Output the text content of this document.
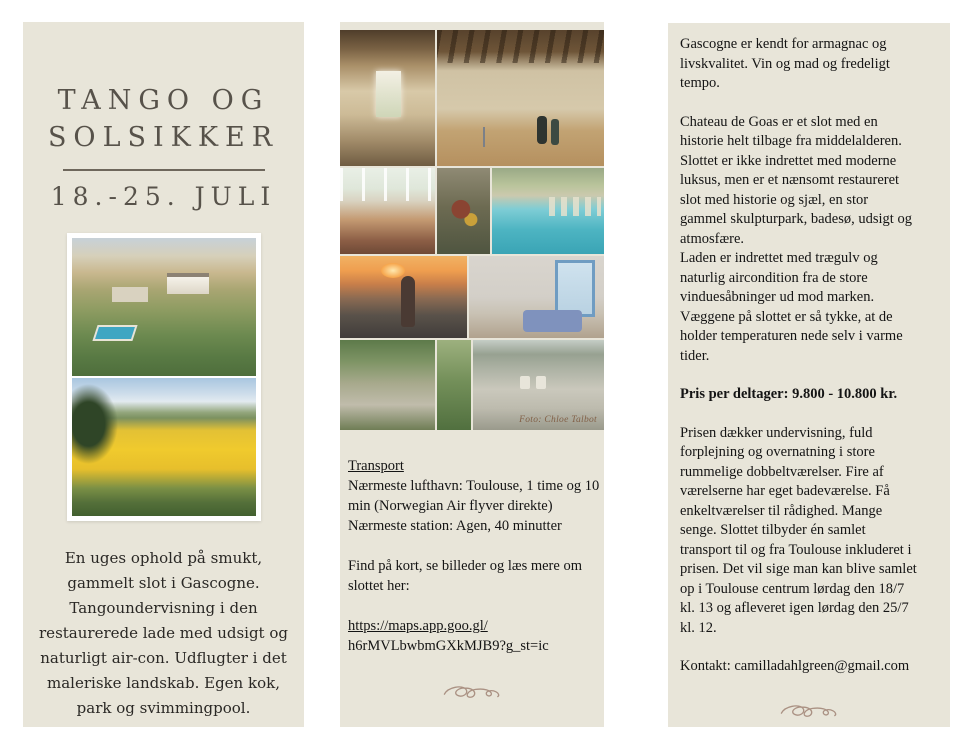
TANGO OG
SOLSIKKER
18.-25. JULI
En uges ophold på smukt,
gammelt slot i Gascogne.
Tangoundervisning i den
restaurerede lade med udsigt og
naturligt air-con. Udflugter i det
maleriske landskab. Egen kok,
park og svimmingpool.
Foto: Chloe Talbot
Transport
Nærmeste lufthavn: Toulouse, 1 time og 10
min (Norwegian Air flyver direkte)
Nærmeste station: Agen, 40 minutter
Find på kort, se billeder og læs mere om
slottet her:
https://maps.app.goo.gl/
h6rMVLbwbmGXkMJB9?g_st=ic

Gascogne er kendt for armagnac og
livskvalitet. Vin og mad og fredeligt
tempo.

Chateau de Goas er et slot med en
historie helt tilbage fra middelalderen.
Slottet er ikke indrettet med moderne
luksus, men er et nænsomt restaureret
slot med historie og sjæl, en stor
gammel skulpturpark, badesø, udsigt og
atmosfære.
Laden er indrettet med trægulv og
naturlig aircondition fra de store
vinduesåbninger ud mod marken.
Væggene på slottet er så tykke, at de
holder temperaturen nede selv i varme
tider.

Pris per deltager: 9.800 - 10.800 kr.

Prisen dækker undervisning, fuld
forplejning og overnatning i store
rummelige dobbeltværelser. Fire af
værelserne har eget badeværelse. Få
enkeltværelser til rådighed. Mange
senge. Slottet tilbyder én samlet
transport til og fra Toulouse inkluderet i
prisen. Det vil sige man kan blive samlet
op i Toulouse centrum lørdag den 18/7
kl. 13 og afleveret igen lørdag den 25/7
kl. 12.

Kontakt: camilladahlgreen@gmail.com
